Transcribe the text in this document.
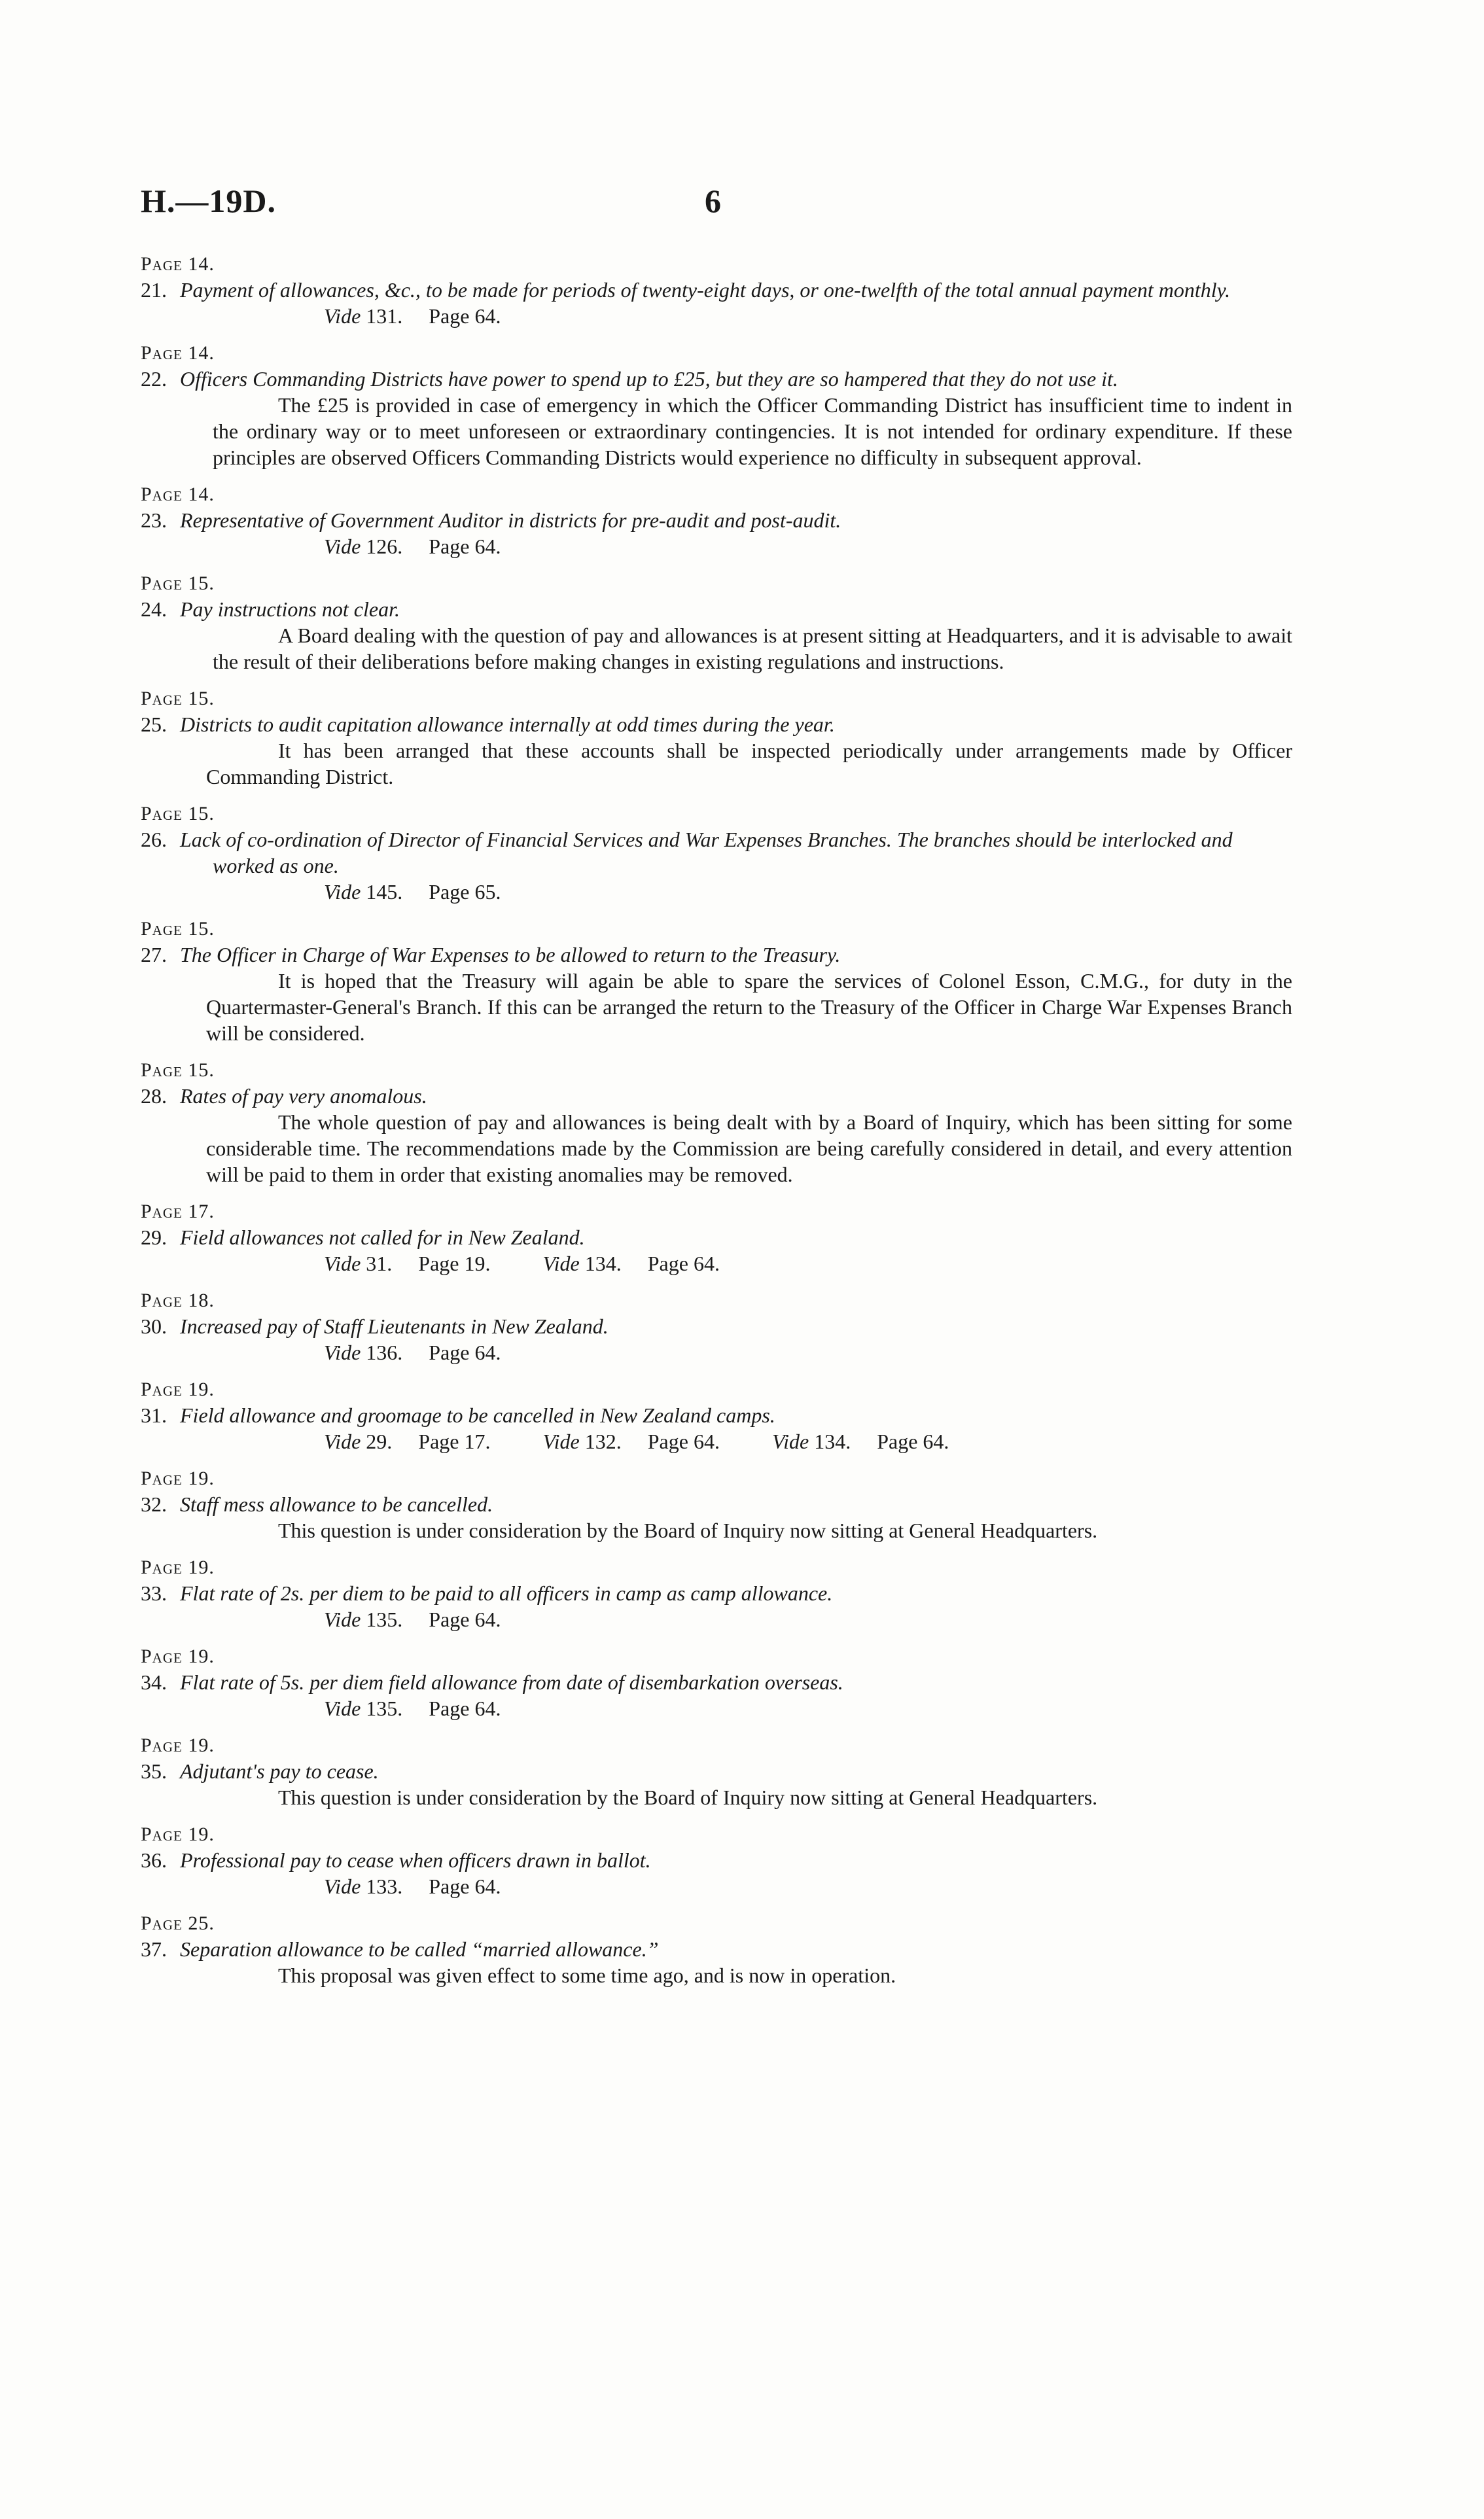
H.—19D.	6
Page 14.
21. Payment of allowances, &c., to be made for periods of twenty-eight days, or one-twelfth of the total annual payment monthly.
Vide 131. Page 64.
Page 14.
22. Officers Commanding Districts have power to spend up to £25, but they are so hampered that they do not use it.
The £25 is provided in case of emergency in which the Officer Commanding District has insufficient time to indent in the ordinary way or to meet unforeseen or extraordinary contingencies. It is not intended for ordinary expenditure. If these principles are observed Officers Commanding Districts would experience no difficulty in subsequent approval.
Page 14.
23. Representative of Government Auditor in districts for pre-audit and post-audit.
Vide 126. Page 64.
Page 15.
24. Pay instructions not clear.
A Board dealing with the question of pay and allowances is at present sitting at Headquarters, and it is advisable to await the result of their deliberations before making changes in existing regulations and instructions.
Page 15.
25. Districts to audit capitation allowance internally at odd times during the year.
It has been arranged that these accounts shall be inspected periodically under arrangements made by Officer Commanding District.
Page 15.
26. Lack of co-ordination of Director of Financial Services and War Expenses Branches. The branches should be interlocked and worked as one.
Vide 145. Page 65.
Page 15.
27. The Officer in Charge of War Expenses to be allowed to return to the Treasury.
It is hoped that the Treasury will again be able to spare the services of Colonel Esson, C.M.G., for duty in the Quartermaster-General's Branch. If this can be arranged the return to the Treasury of the Officer in Charge War Expenses Branch will be considered.
Page 15.
28. Rates of pay very anomalous.
The whole question of pay and allowances is being dealt with by a Board of Inquiry, which has been sitting for some considerable time. The recommendations made by the Commission are being carefully considered in detail, and every attention will be paid to them in order that existing anomalies may be removed.
Page 17.
29. Field allowances not called for in New Zealand.
Vide 31. Page 19.	Vide 134. Page 64.
Page 18.
30. Increased pay of Staff Lieutenants in New Zealand.
Vide 136. Page 64.
Page 19.
31. Field allowance and groomage to be cancelled in New Zealand camps.
Vide 29. Page 17.	Vide 132. Page 64.	Vide 134. Page 64.
Page 19.
32. Staff mess allowance to be cancelled.
This question is under consideration by the Board of Inquiry now sitting at General Headquarters.
Page 19.
33. Flat rate of 2s. per diem to be paid to all officers in camp as camp allowance.
Vide 135. Page 64.
Page 19.
34. Flat rate of 5s. per diem field allowance from date of disembarkation overseas.
Vide 135. Page 64.
Page 19.
35. Adjutant's pay to cease.
This question is under consideration by the Board of Inquiry now sitting at General Headquarters.
Page 19.
36. Professional pay to cease when officers drawn in ballot.
Vide 133. Page 64.
Page 25.
37. Separation allowance to be called “married allowance.”
This proposal was given effect to some time ago, and is now in operation.
